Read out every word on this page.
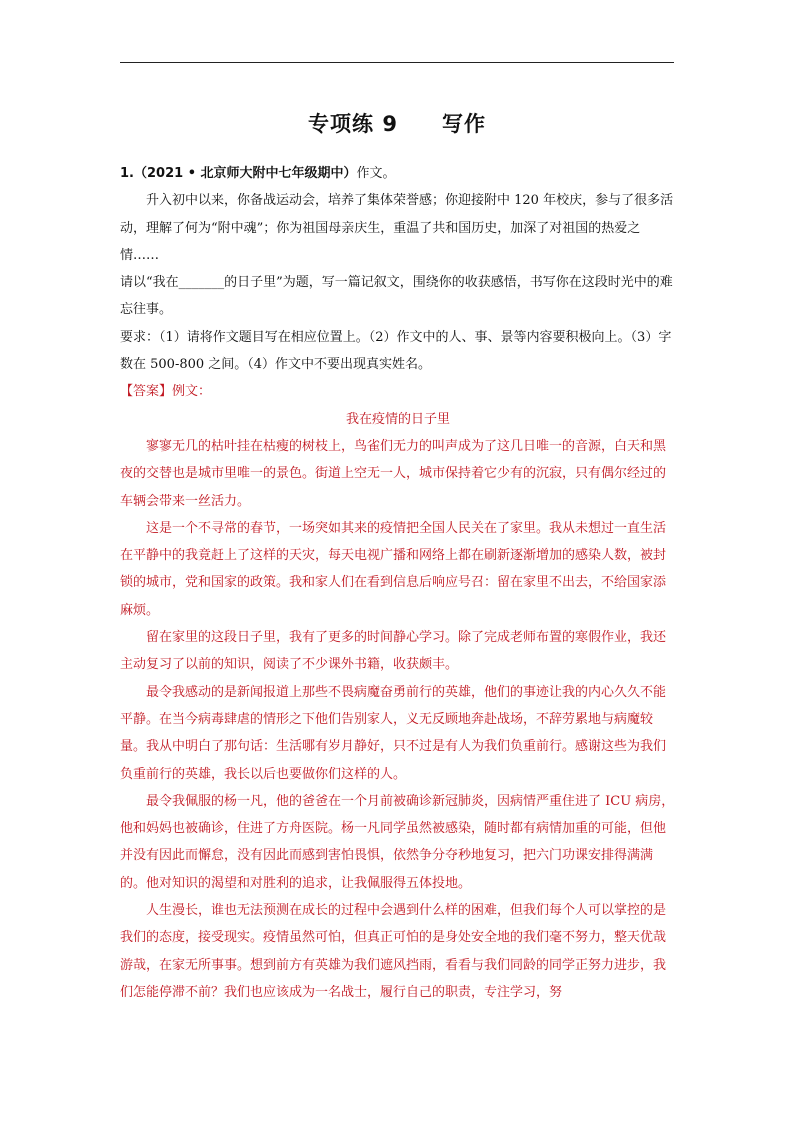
专项练 9　　写作

1.（2021 • 北京师大附中七年级期中）作文。

升入初中以来，你备战运动会，培养了集体荣誉感；你迎接附中 120 年校庆，参与了很多活动，理解了何为“附中魂”；你为祖国母亲庆生，重温了共和国历史，加深了对祖国的热爱之情……

请以“我在_______的日子里”为题，写一篇记叙文，围绕你的收获感悟，书写你在这段时光中的难忘往事。

要求：（1）请将作文题目写在相应位置上。（2）作文中的人、事、景等内容要积极向上。（3）字数在 500-800 之间。（4）作文中不要出现真实姓名。

【答案】例文：

我在疫情的日子里

寥寥无几的枯叶挂在枯瘦的树枝上，鸟雀们无力的叫声成为了这几日唯一的音源，白天和黑夜的交替也是城市里唯一的景色。街道上空无一人，城市保持着它少有的沉寂，只有偶尔经过的车辆会带来一丝活力。

这是一个不寻常的春节，一场突如其来的疫情把全国人民关在了家里。我从未想过一直生活在平静中的我竟赶上了这样的天灾，每天电视广播和网络上都在刷新逐渐增加的感染人数，被封锁的城市，党和国家的政策。我和家人们在看到信息后响应号召：留在家里不出去，不给国家添麻烦。

留在家里的这段日子里，我有了更多的时间静心学习。除了完成老师布置的寒假作业，我还主动复习了以前的知识，阅读了不少课外书籍，收获颇丰。

最令我感动的是新闻报道上那些不畏病魔奋勇前行的英雄，他们的事迹让我的内心久久不能平静。在当今病毒肆虐的情形之下他们告别家人，义无反顾地奔赴战场，不辞劳累地与病魔较量。我从中明白了那句话：生活哪有岁月静好，只不过是有人为我们负重前行。感谢这些为我们负重前行的英雄，我长以后也要做你们这样的人。

最令我佩服的杨一凡，他的爸爸在一个月前被确诊新冠肺炎，因病情严重住进了 ICU 病房，他和妈妈也被确诊，住进了方舟医院。杨一凡同学虽然被感染，随时都有病情加重的可能，但他并没有因此而懈怠，没有因此而感到害怕畏惧，依然争分夺秒地复习，把六门功课安排得满满的。他对知识的渴望和对胜利的追求，让我佩服得五体投地。

人生漫长，谁也无法预测在成长的过程中会遇到什么样的困难，但我们每个人可以掌控的是我们的态度，接受现实。疫情虽然可怕，但真正可怕的是身处安全地的我们毫不努力，整天优哉游哉，在家无所事事。想到前方有英雄为我们遮风挡雨，看看与我们同龄的同学正努力进步，我们怎能停滞不前？我们也应该成为一名战士，履行自己的职责，专注学习，努
